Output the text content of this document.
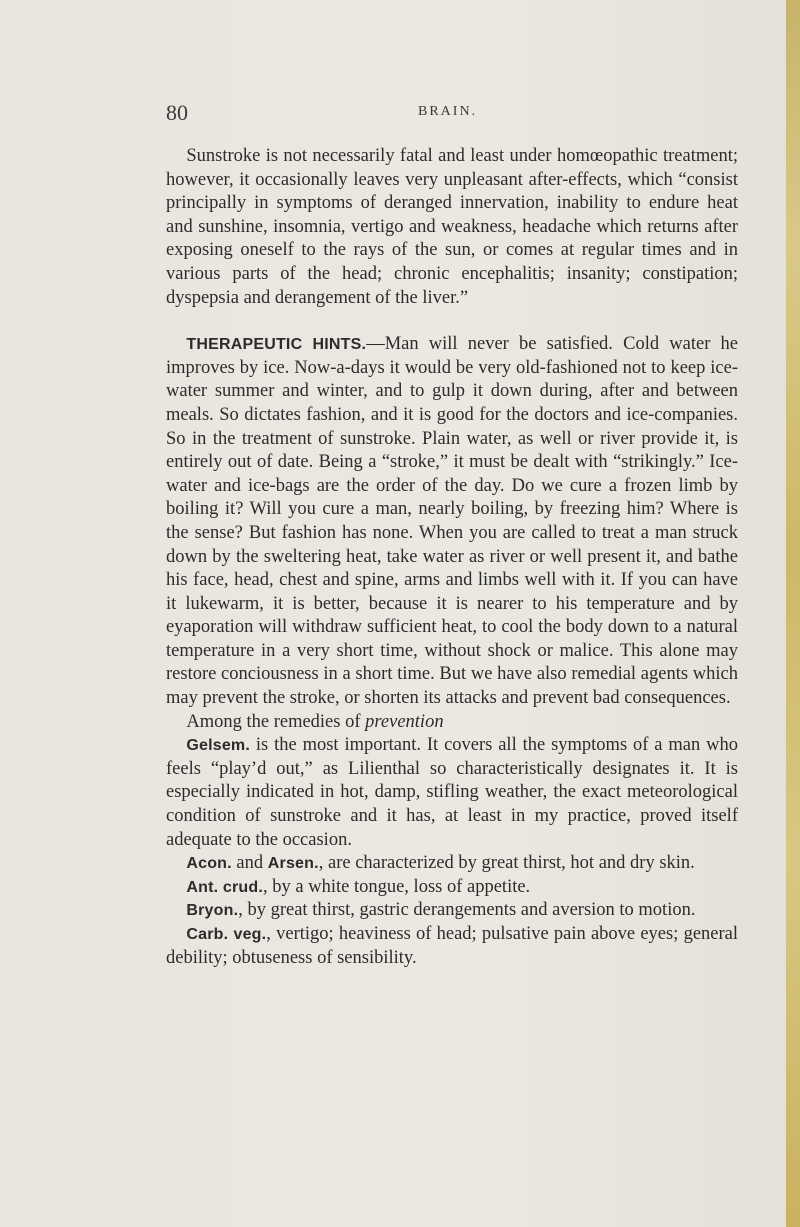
80	BRAIN.

Sunstroke is not necessarily fatal and least under homœopathic treatment; however, it occasionally leaves very unpleasant after-effects, which “consist principally in symptoms of deranged innervation, inability to endure heat and sunshine, insomnia, vertigo and weakness, headache which returns after exposing oneself to the rays of the sun, or comes at regular times and in various parts of the head; chronic encephalitis; insanity; constipation; dyspepsia and derangement of the liver.”

THERAPEUTIC HINTS.—Man will never be satisfied. Cold water he improves by ice. Now-a-days it would be very old-fashioned not to keep ice-water summer and winter, and to gulp it down during, after and between meals. So dictates fashion, and it is good for the doctors and ice-companies. So in the treatment of sunstroke. Plain water, as well or river provide it, is entirely out of date. Being a “stroke,” it must be dealt with “strikingly.” Ice-water and ice-bags are the order of the day. Do we cure a frozen limb by boiling it? Will you cure a man, nearly boiling, by freezing him? Where is the sense? But fashion has none. When you are called to treat a man struck down by the sweltering heat, take water as river or well present it, and bathe his face, head, chest and spine, arms and limbs well with it. If you can have it lukewarm, it is better, because it is nearer to his temperature and by eyaporation will withdraw sufficient heat, to cool the body down to a natural temperature in a very short time, without shock or malice. This alone may restore conciousness in a short time. But we have also remedial agents which may prevent the stroke, or shorten its attacks and prevent bad consequences.

Among the remedies of prevention

Gelsem. is the most important. It covers all the symptoms of a man who feels “play’d out,” as Lilienthal so characteristically designates it. It is especially indicated in hot, damp, stifling weather, the exact meteorological condition of sunstroke and it has, at least in my practice, proved itself adequate to the occasion.

Acon. and Arsen., are characterized by great thirst, hot and dry skin.

Ant. crud., by a white tongue, loss of appetite.

Bryon., by great thirst, gastric derangements and aversion to motion.

Carb. veg., vertigo; heaviness of head; pulsative pain above eyes; general debility; obtuseness of sensibility.
